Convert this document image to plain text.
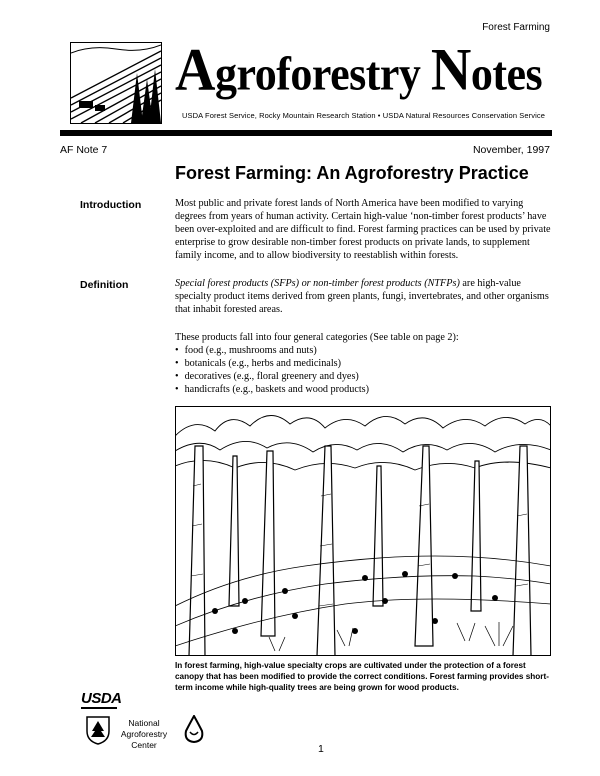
Forest Farming
Agroforestry Notes
USDA Forest Service, Rocky Mountain Research Station • USDA Natural Resources Conservation Service
AF Note 7	November, 1997
Forest Farming: An Agroforestry Practice
Introduction	Most public and private forest lands of North America have been modified to varying degrees from years of human activity. Certain high-value ‘non-timber forest products’ have been over-exploited and are difficult to find. Forest farming practices can be used by private enterprise to grow desirable non-timber forest products on private lands, to supplement family income, and to allow biodiversity to reestablish within forests.

Definition	Special forest products (SFPs) or non-timber forest products (NTFPs) are high-value specialty product items derived from green plants, fungi, invertebrates, and other organisms that inhabit forested areas.

These products fall into four general categories (See table on page 2):

• food (e.g., mushrooms and nuts)
• botanicals (e.g., herbs and medicinals)
• decoratives (e.g., floral greenery and dyes)
• handicrafts (e.g., baskets and wood products)
In forest farming, high-value specialty crops are cultivated under the protection of a forest canopy that has been modified to provide the correct conditions. Forest farming provides short-term income while high-quality trees are being grown for wood products.
USDA
National
Agroforestry
Center	1
